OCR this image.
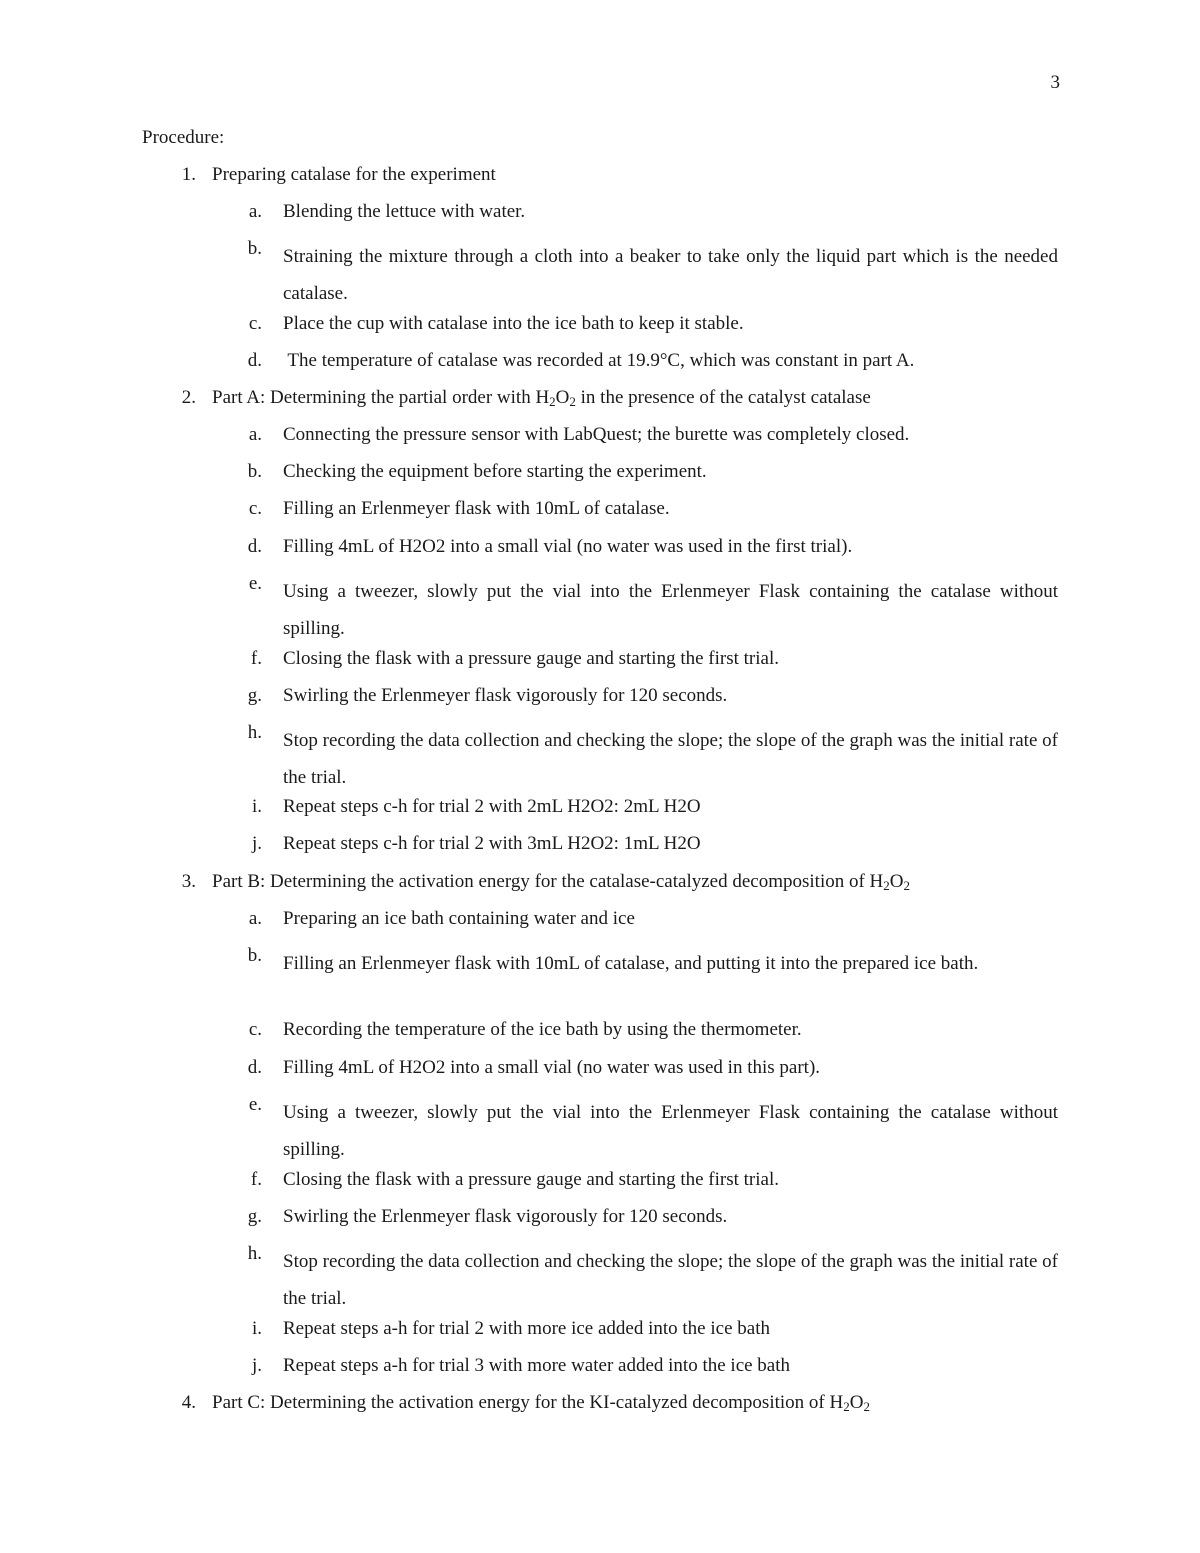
3
Procedure:
1. Preparing catalase for the experiment
a. Blending the lettuce with water.
b. Straining the mixture through a cloth into a beaker to take only the liquid part which is the needed catalase.
c. Place the cup with catalase into the ice bath to keep it stable.
d. The temperature of catalase was recorded at 19.9°C, which was constant in part A.
2. Part A: Determining the partial order with $H_2O_2$ in the presence of the catalyst catalase
a. Connecting the pressure sensor with LabQuest; the burette was completely closed.
b. Checking the equipment before starting the experiment.
c. Filling an Erlenmeyer flask with 10mL of catalase.
d. Filling 4mL of H2O2 into a small vial (no water was used in the first trial).
e. Using a tweezer, slowly put the vial into the Erlenmeyer Flask containing the catalase without spilling.
f. Closing the flask with a pressure gauge and starting the first trial.
g. Swirling the Erlenmeyer flask vigorously for 120 seconds.
h. Stop recording the data collection and checking the slope; the slope of the graph was the initial rate of the trial.
i. Repeat steps c-h for trial 2 with 2mL H2O2: 2mL H2O
j. Repeat steps c-h for trial 2 with 3mL H2O2: 1mL H2O
3. Part B: Determining the activation energy for the catalase-catalyzed decomposition of $H_2O_2$
a. Preparing an ice bath containing water and ice
b. Filling an Erlenmeyer flask with 10mL of catalase, and putting it into the prepared ice bath.
c. Recording the temperature of the ice bath by using the thermometer.
d. Filling 4mL of H2O2 into a small vial (no water was used in this part).
e. Using a tweezer, slowly put the vial into the Erlenmeyer Flask containing the catalase without spilling.
f. Closing the flask with a pressure gauge and starting the first trial.
g. Swirling the Erlenmeyer flask vigorously for 120 seconds.
h. Stop recording the data collection and checking the slope; the slope of the graph was the initial rate of the trial.
i. Repeat steps a-h for trial 2 with more ice added into the ice bath
j. Repeat steps a-h for trial 3 with more water added into the ice bath
4. Part C: Determining the activation energy for the KI-catalyzed decomposition of $H_2O_2$
